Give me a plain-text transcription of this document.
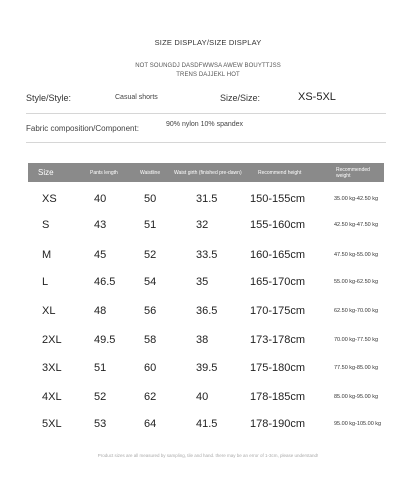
SIZE DISPLAY/SIZE DISPLAY
NOT SOUNGDJ DASDFWWSA AWEW BOUYTTJSS
TRENS DAJJEKL HOT
Style/Style:	Casual shorts	Size/Size:	XS-5XL
Fabric composition/Component:	90% nylon 10% spandex
Size	Pants length	Waistline	Waist girth (finished pre-dawn)	Recommend height	Recommended weight
XS	40	50	31.5	150-155cm	35.00 kg-42.50 kg
S	43	51	32	155-160cm	42.50 kg-47.50 kg
M	45	52	33.5	160-165cm	47.50 kg-55.00 kg
L	46.5	54	35	165-170cm	55.00 kg-62.50 kg
XL	48	56	36.5	170-175cm	62.50 kg-70.00 kg
2XL	49.5	58	38	173-178cm	70.00 kg-77.50 kg
3XL	51	60	39.5	175-180cm	77.50 kg-85.00 kg
4XL	52	62	40	178-185cm	85.00 kg-95.00 kg
5XL	53	64	41.5	178-190cm	95.00 kg-105.00 kg
Product sizes are all measured by sampling, tile and hand. there may be an error of 1-3cm, please understand!
